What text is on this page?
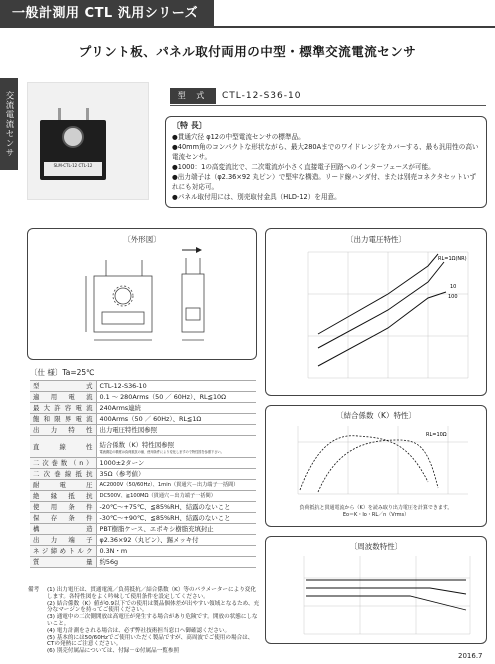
一般計測用 CTL 汎用シリーズ
プリント板、パネル取付両用の中型・標準交流電流センサ
交流電流センサ
SLM-CTL-12 CTL-12
型 式	CTL-12-S36-10
〔特 長〕
●貫通穴径 φ12の中型電流センサの標準品。
●40mm角のコンパクトな形状ながら、最大280Aまでのワイドレンジをカバーする、最も汎用性の高い電流センサ。
●1000：1の高変流比で、二次電流が小さく直接電子回路へのインターフェースが可能。
●出力端子は（φ2.36×92 丸ピン）で堅牢な構造。リード線ハンダ付、または別売コネクタセットいずれにも対応可。
●パネル取付用には、別売取付金具（HLD-12）を用意。
〔外形図〕
〔仕 様〕Ta=25℃
型式	CTL-12-S36-10
適用電流	0.1 ～ 280Arms（50 ／ 60Hz）、RL≦10Ω
最大許容電流	240Arms連続
飽和限界電流	400Arms（50 ／ 60Hz）、RL≦1Ω
出力特性	出力電圧特性図参照
直線性	結合係数（K）特性図参照
電流測定の精度は負荷抵抗の値、使用条件により変化しますので特性図を参照下さい。

二次巻数（n）	1000±2ターン
二次巻線抵抗	35Ω（参考値）
耐電圧	AC2000V（50/60Hz）、1min（貫通穴－出力端子一括間）
絶縁抵抗	DC500V、≧100MΩ（貫通穴－出力端子一括間）
使用条件	-20℃～+75℃、≦85%RH、結露のないこと
保存条件	-30℃～+90℃、≦85%RH、結露のないこと
構造	PBT樹脂ケース、エポキシ樹脂充填封止
出力端子	φ2.36×92（丸ピン）、錫メッキ付
ネジ締めトルク	0.3N・m
質量	約56g
備考 (1) 出力電圧は、貫通電流／負荷抵抗／結合係数（K）等のパラメーターにより変化します。各特性図をよく吟味して使用条件を設定してください。
(2) 結合係数（K）値が0.9以下での使用は製品個体差が出やすい領域となるため、充分なマージンを持ってご使用ください。
(3) 通電中の二次側開放は高電圧が発生する場合があり危険です。開放の状態にしないこと。
(4) 電力計測をされる場合は、必ず弊社技術担当窓口へ御確認ください。
(5) 基本的には50/60Hzでご使用いただく製品ですが、高周波でご使用の場合は、CTの発熱にご注意ください。
(6) 別売付属品については、付録－①付属品一覧参照
〔出力電圧特性〕
RL=1Ω(NR)
10
100
〔結合係数（K）特性〕
RL=10Ω
負荷抵抗と貫通電流から（K）を読み取り出力電圧を計算できます。
Eo＝K・Io・RL／n（Vrms）
〔周波数特性〕
2016.7
